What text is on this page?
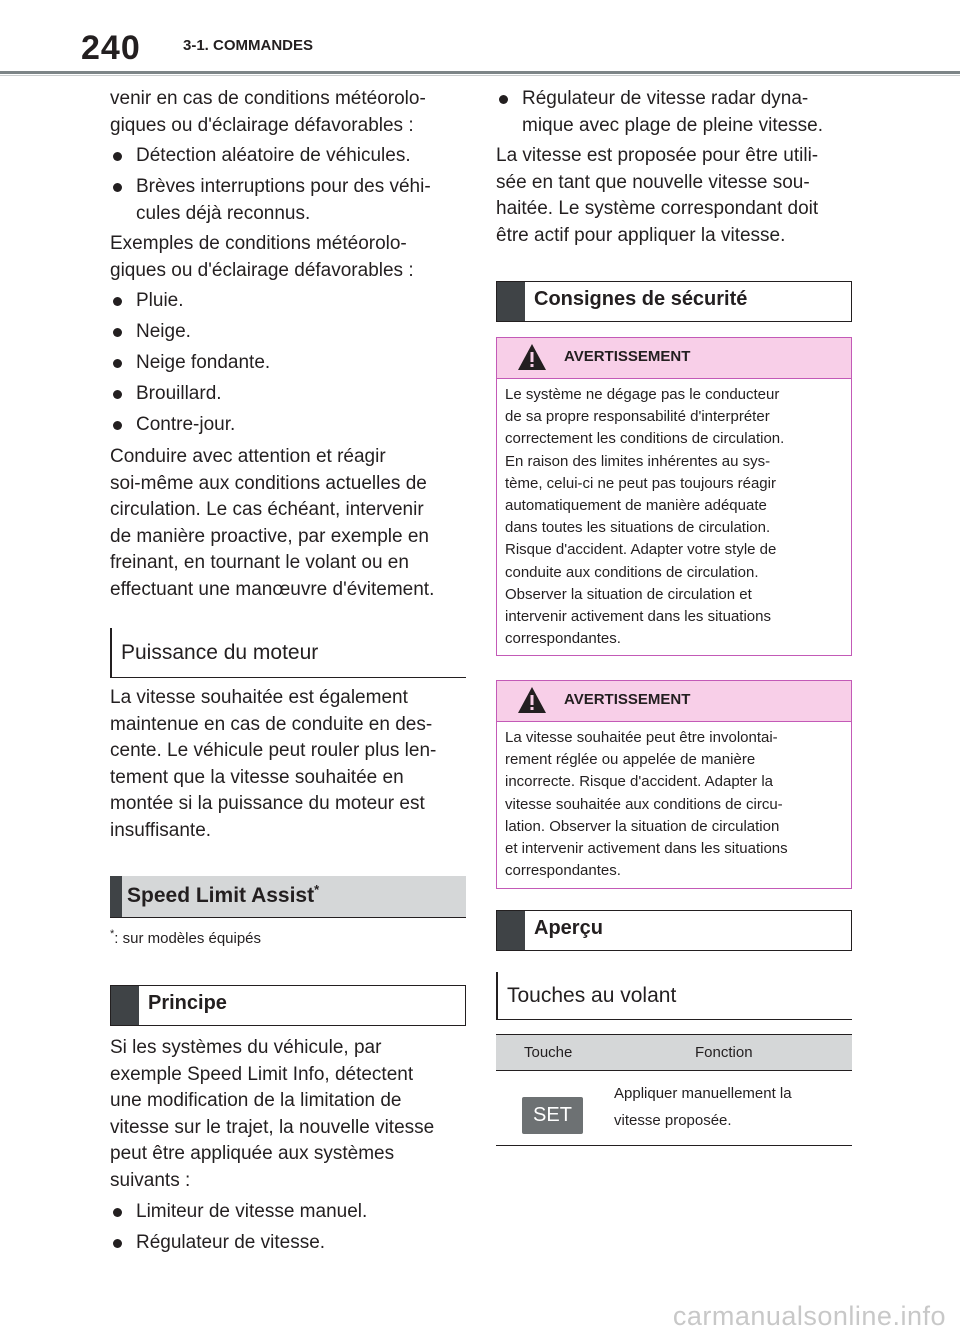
240	3-1. COMMANDES

venir en cas de conditions météorolo-
giques ou d'éclairage défavorables :

Détection aléatoire de véhicules.
Brèves interruptions pour des véhi-
cules déjà reconnus.

Exemples de conditions météorolo-
giques ou d'éclairage défavorables :

Pluie.
Neige.
Neige fondante.
Brouillard.
Contre-jour.

Conduire avec attention et réagir
soi-même aux conditions actuelles de
circulation. Le cas échéant, intervenir
de manière proactive, par exemple en
freinant, en tournant le volant ou en
effectuant une manœuvre d'évitement.

Puissance du moteur

La vitesse souhaitée est également
maintenue en cas de conduite en des-
cente. Le véhicule peut rouler plus len-
tement que la vitesse souhaitée en
montée si la puissance du moteur est
insuffisante.

Speed Limit Assist*
*: sur modèles équipés
Principe

Si les systèmes du véhicule, par
exemple Speed Limit Info, détectent
une modification de la limitation de
vitesse sur le trajet, la nouvelle vitesse
peut être appliquée aux systèmes
suivants :

Limiteur de vitesse manuel.
Régulateur de vitesse.
Régulateur de vitesse radar dyna-
mique avec plage de pleine vitesse.

La vitesse est proposée pour être utili-
sée en tant que nouvelle vitesse sou-
haitée. Le système correspondant doit
être actif pour appliquer la vitesse.

Consignes de sécurité
AVERTISSEMENT
Le système ne dégage pas le conducteur
de sa propre responsabilité d'interpréter
correctement les conditions de circulation.
En raison des limites inhérentes au sys-
tème, celui-ci ne peut pas toujours réagir
automatiquement de manière adéquate
dans toutes les situations de circulation.
Risque d'accident. Adapter votre style de
conduite aux conditions de circulation.
Observer la situation de circulation et
intervenir activement dans les situations
correspondantes.
AVERTISSEMENT
La vitesse souhaitée peut être involontai-
rement réglée ou appelée de manière
incorrecte. Risque d'accident. Adapter la
vitesse souhaitée aux conditions de circu-
lation. Observer la situation de circulation
et intervenir activement dans les situations
correspondantes.
Aperçu
Touches au volant
Touche	Fonction
SET
Appliquer manuellement la
vitesse proposée.
carmanualsonline.info
